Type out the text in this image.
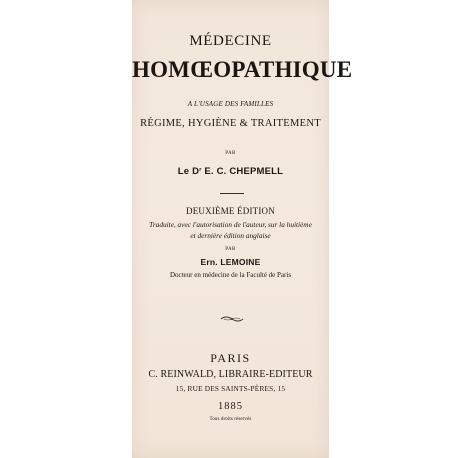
MÉDECINE
HOMŒOPATHIQUE
A L'USAGE DES FAMILLES
RÉGIME, HYGIÈNE & TRAITEMENT
PAR
Le $D^r$ E. C. CHEPMELL
DEUXIÈME ÉDITION
Traduite, avec l'autorisation de l'auteur, sur la huitième
et dernière édition anglaise
PAR
Ern. LEMOINE
Docteur en médecine de la Faculté de Paris
PARIS
C. REINWALD, LIBRAIRE-EDITEUR
15, RUE DES SAINTS-PÈRES, 15
1885
Tous droits réservés
